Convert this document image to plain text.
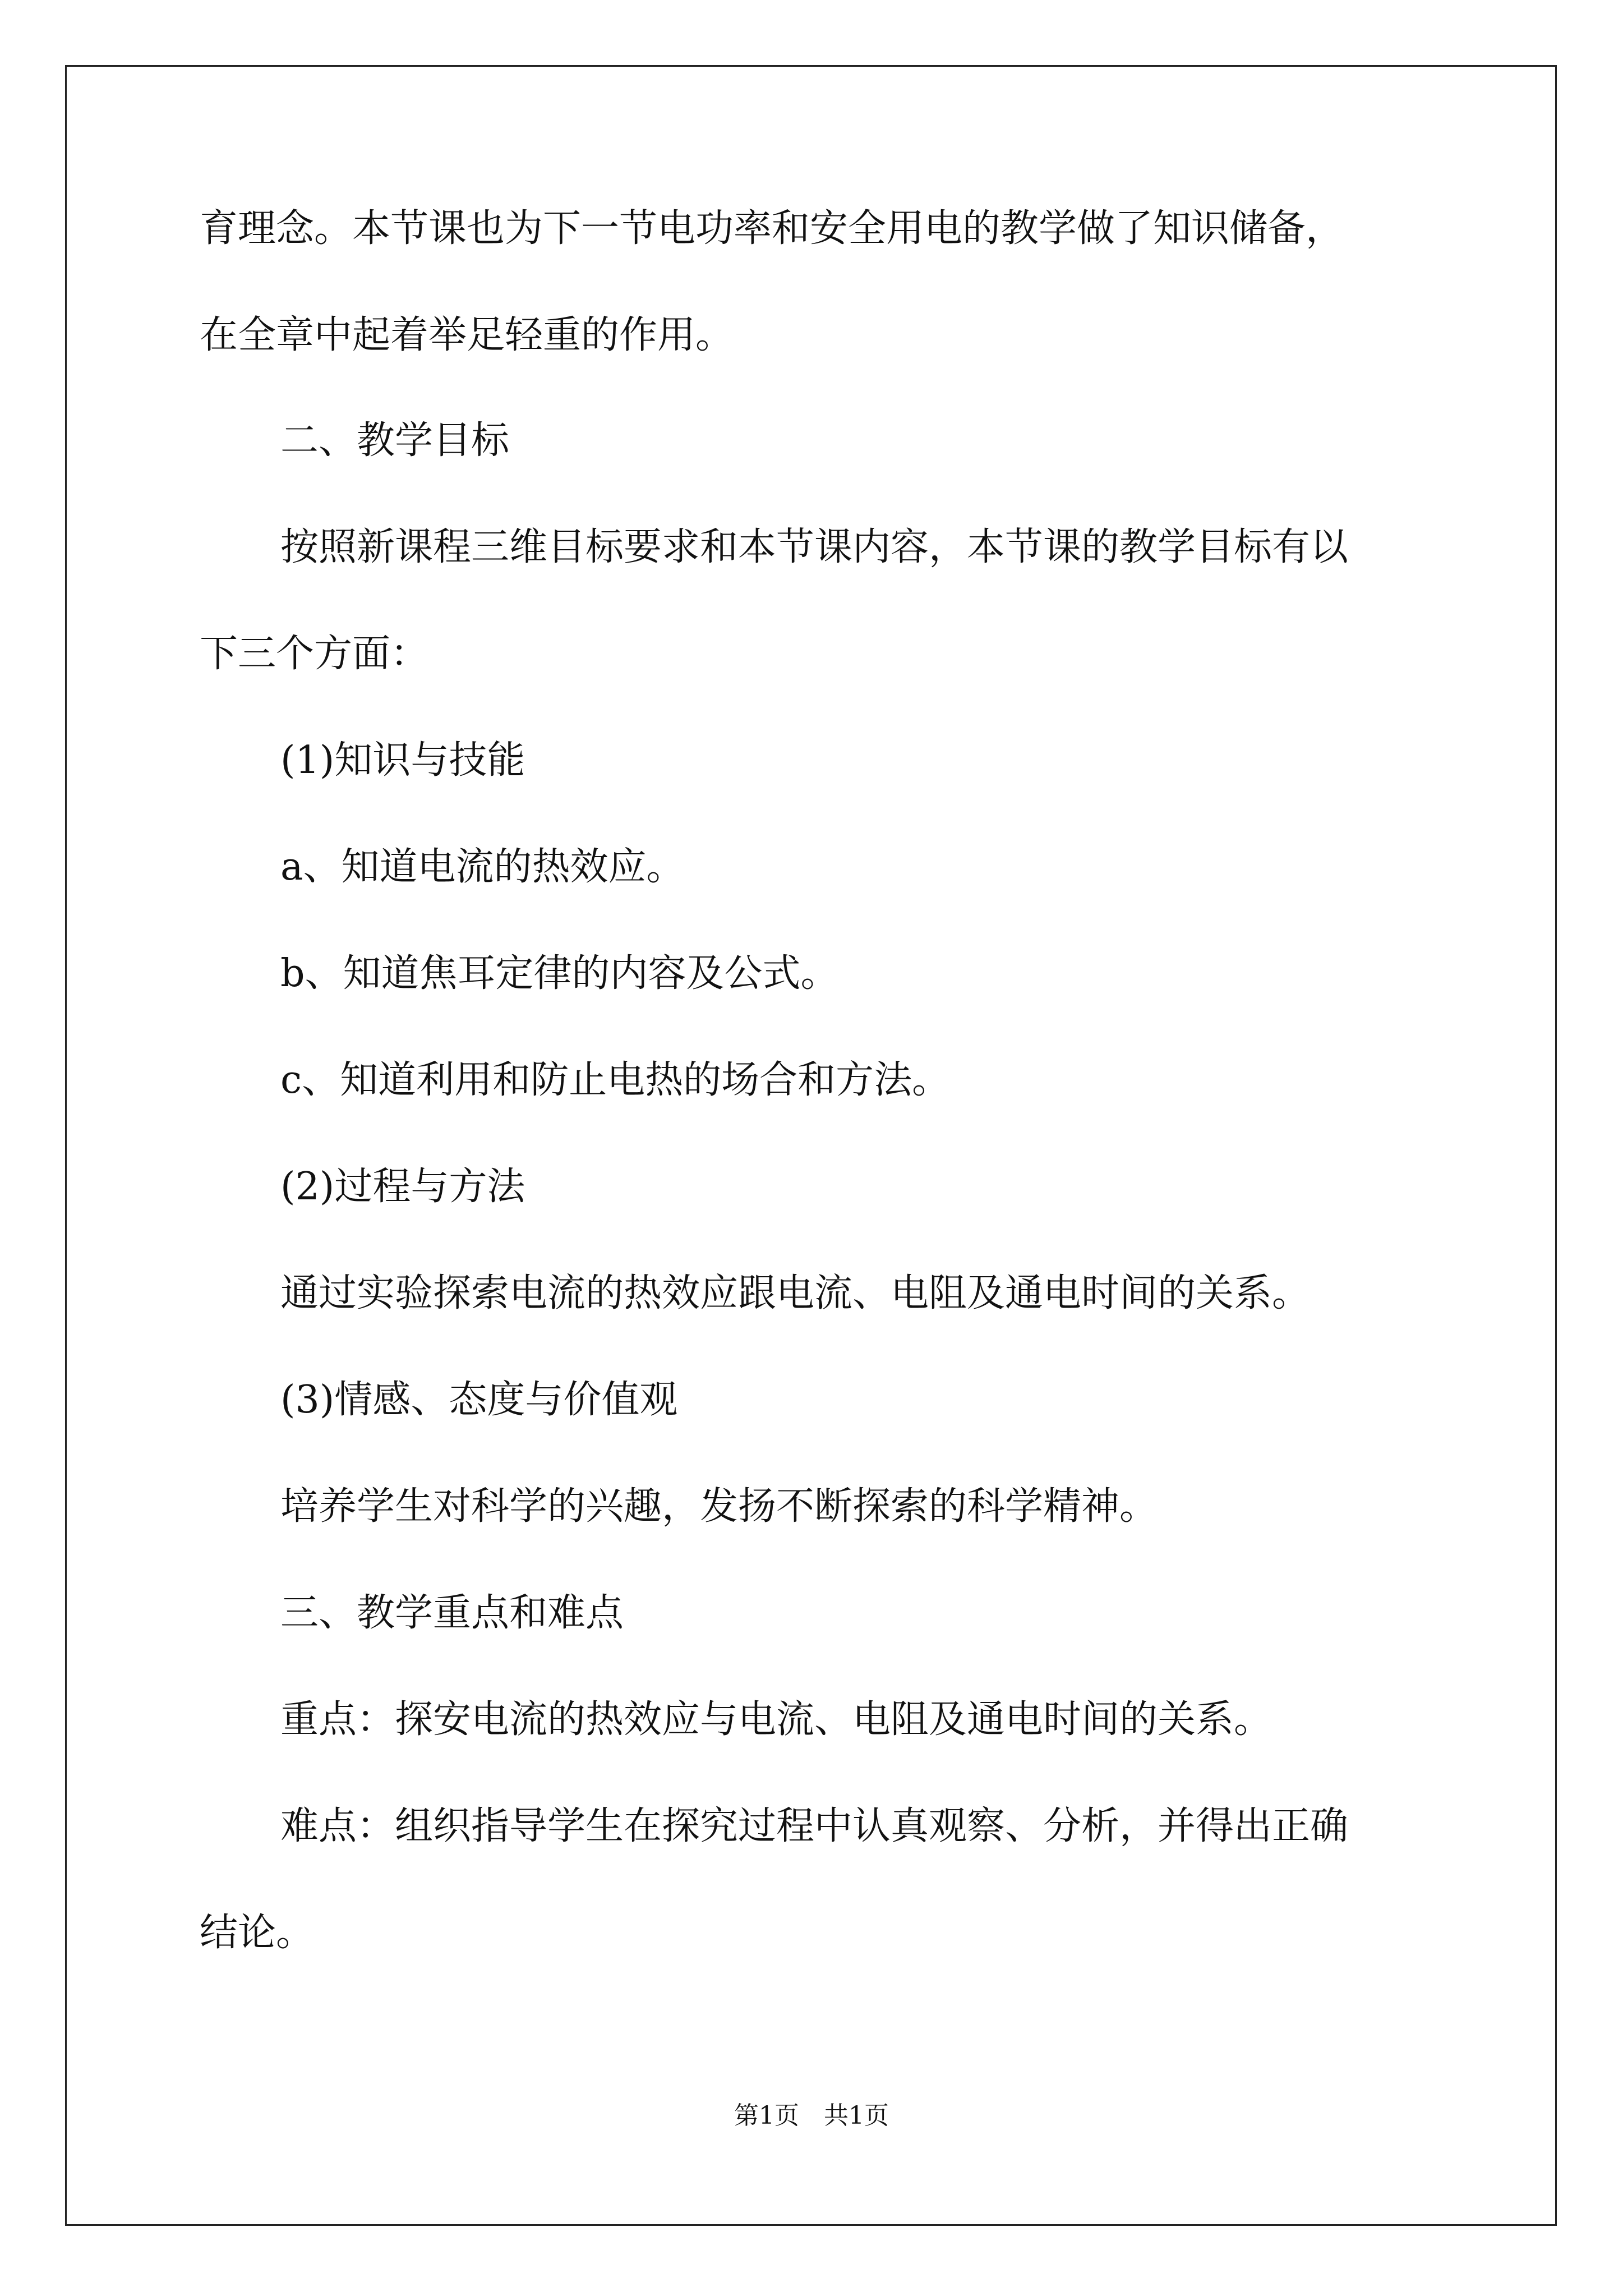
育理念。本节课也为下一节电功率和安全用电的教学做了知识储备，
在全章中起着举足轻重的作用。
二、教学目标
按照新课程三维目标要求和本节课内容，本节课的教学目标有以
下三个方面：
(1)知识与技能
a、知道电流的热效应。
b、知道焦耳定律的内容及公式。
c、知道利用和防止电热的场合和方法。
(2)过程与方法
通过实验探索电流的热效应跟电流、电阻及通电时间的关系。
(3)情感、态度与价值观
培养学生对科学的兴趣，发扬不断探索的科学精神。
三、教学重点和难点
重点：探安电流的热效应与电流、电阻及通电时间的关系。
难点：组织指导学生在探究过程中认真观察、分析，并得出正确
结论。
第1页 共1页
